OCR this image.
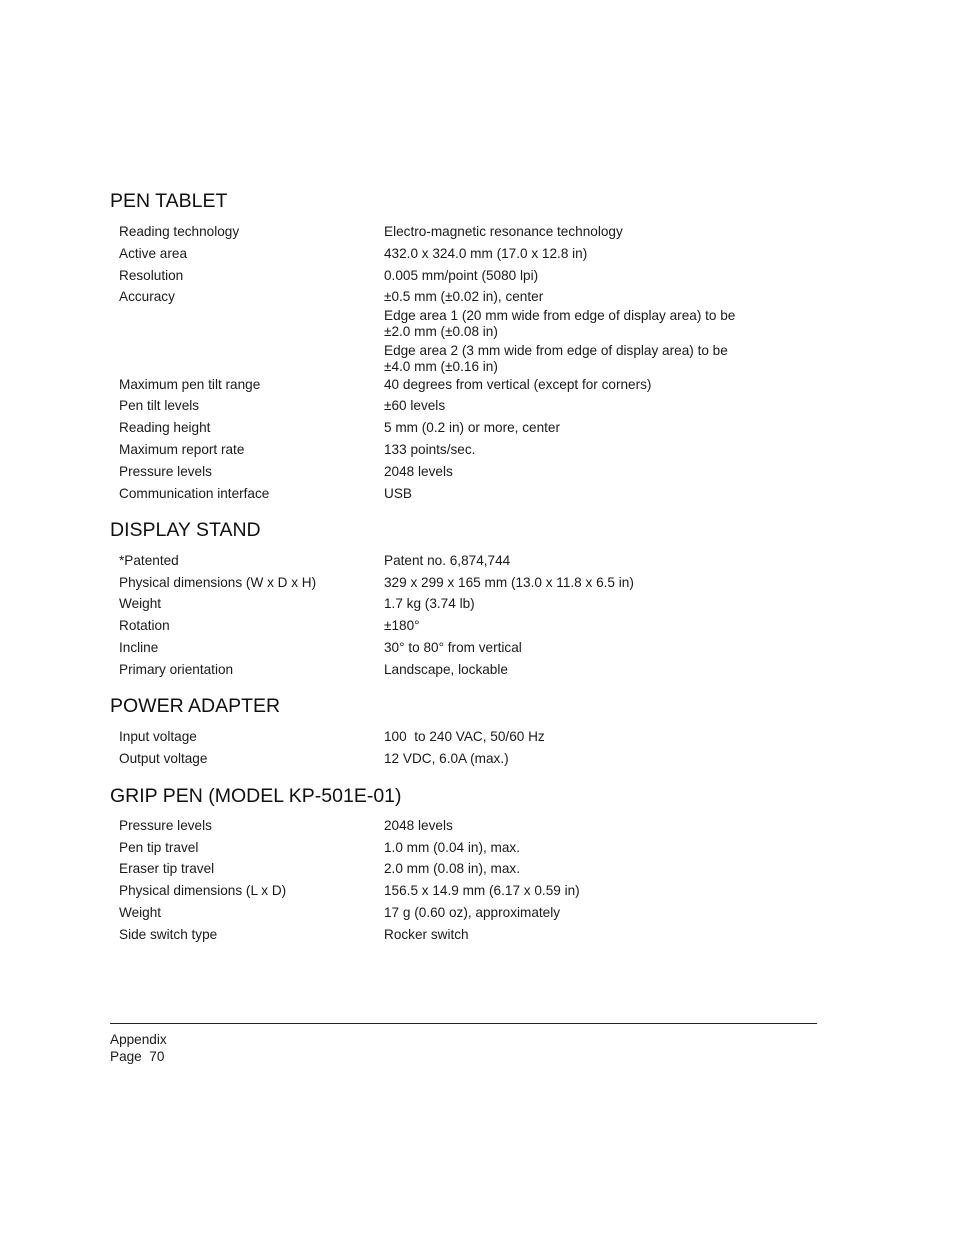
PEN TABLET
Reading technology	Electro-magnetic resonance technology
Active area	432.0 x 324.0 mm (17.0 x 12.8 in)
Resolution	0.005 mm/point (5080 lpi)
Accuracy	±0.5 mm (±0.02 in), center
Edge area 1 (20 mm wide from edge of display area) to be
±2.0 mm (±0.08 in)
Edge area 2 (3 mm wide from edge of display area) to be
±4.0 mm (±0.16 in)
Maximum pen tilt range	40 degrees from vertical (except for corners)
Pen tilt levels	±60 levels
Reading height	5 mm (0.2 in) or more, center
Maximum report rate	133 points/sec.
Pressure levels	2048 levels
Communication interface	USB
DISPLAY STAND
*Patented	Patent no. 6,874,744
Physical dimensions (W x D x H)	329 x 299 x 165 mm (13.0 x 11.8 x 6.5 in)
Weight	1.7 kg (3.74 lb)
Rotation	±180°
Incline	30° to 80° from vertical
Primary orientation	Landscape, lockable
POWER ADAPTER
Input voltage	100  to 240 VAC, 50/60 Hz
Output voltage	12 VDC, 6.0A (max.)
GRIP PEN (MODEL KP-501E-01)
Pressure levels	2048 levels
Pen tip travel	1.0 mm (0.04 in), max.
Eraser tip travel	2.0 mm (0.08 in), max.
Physical dimensions (L x D)	156.5 x 14.9 mm (6.17 x 0.59 in)
Weight	17 g (0.60 oz), approximately
Side switch type	Rocker switch
Appendix
Page  70
